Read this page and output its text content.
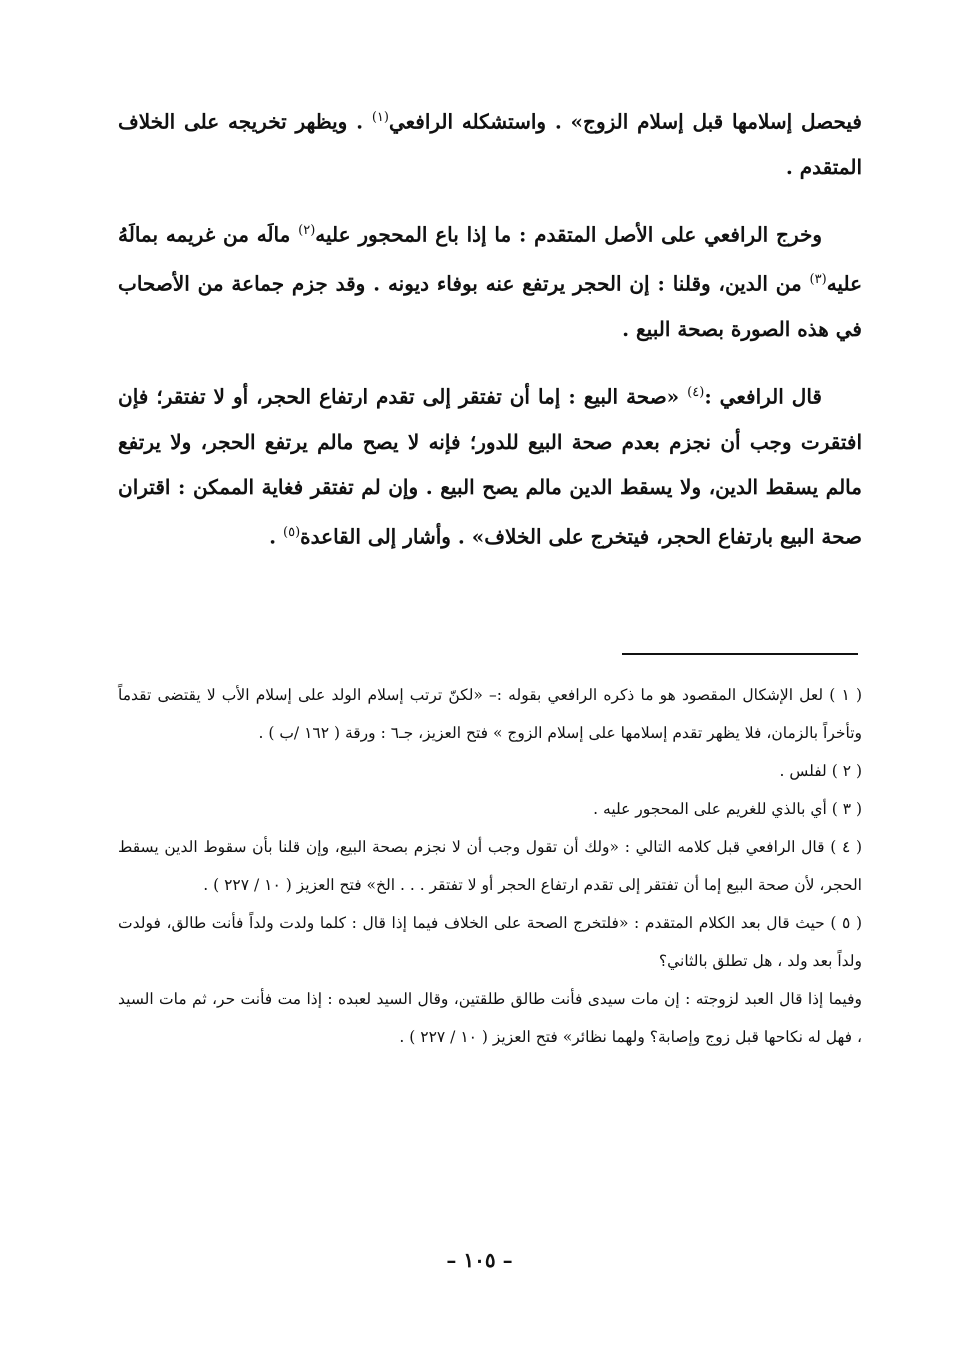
فيحصل إسلامها قبل إسلام الزوج» . واستشكله الرافعي$^{(١)}$ . ويظهر تخريجه على الخلاف المتقدم .

وخرج الرافعي على الأصل المتقدم : ما إذا باع المحجور عليه$^{(٢)}$ مالَه من غريمه بمالَهُ عليه$^{(٣)}$ من الدين، وقلنا : إن الحجر يرتفع عنه بوفاء ديونه . وقد جزم جماعة من الأصحاب في هذه الصورة بصحة البيع .

قال الرافعي :$^{(٤)}$ «صحة البيع : إما أن تفتقر إلى تقدم ارتفاع الحجر، أو لا تفتقر؛ فإن افتقرت وجب أن نجزم بعدم صحة البيع للدور؛ فإنه لا يصح مالم يرتفع الحجر، ولا يرتفع مالم يسقط الدين، ولا يسقط الدين مالم يصح البيع . وإن لم تفتقر فغاية الممكن : اقتران صحة البيع بارتفاع الحجر، فيتخرج على الخلاف» . وأشار إلى القاعدة$^{(٥)}$ .

( ١ ) لعل الإشكال المقصود هو ما ذكره الرافعي بقوله :– «لكنّ ترتب إسلام الولد على إسلام الأب لا يقتضى تقدماً وتأخراً بالزمان، فلا يظهر تقدم إسلامها على إسلام الزوج » فتح العزيز، جـ٦ : ورقة ( ١٦٢ /ب ) .

( ٢ ) لفلس .

( ٣ ) أي بالذي للغريم على المحجور عليه .

( ٤ ) قال الرافعي قبل كلامه التالي : «ولك أن تقول وجب أن لا نجزم بصحة البيع، وإن قلنا بأن سقوط الدين يسقط الحجر، لأن صحة البيع إما أن تفتقر إلى تقدم ارتفاع الحجر أو لا تفتقر . . . الخ» فتح العزيز ( ١٠ / ٢٢٧ ) .

( ٥ ) حيث قال بعد الكلام المتقدم : «فلتخرج الصحة على الخلاف فيما إذا قال : كلما ولدت ولداً فأنت طالق، فولدت ولداً بعد ولد ، هل تطلق بالثاني؟

وفيما إذا قال العبد لزوجته : إن مات سيدى فأنت طالق طلقتين، وقال السيد لعبده : إذا مت فأنت حر، ثم مات السيد ، فهل له نكاحها قبل زوج وإصابة؟ ولهما نظائر» فتح العزيز ( ١٠ / ٢٢٧ ) .

– ١٠٥ –
